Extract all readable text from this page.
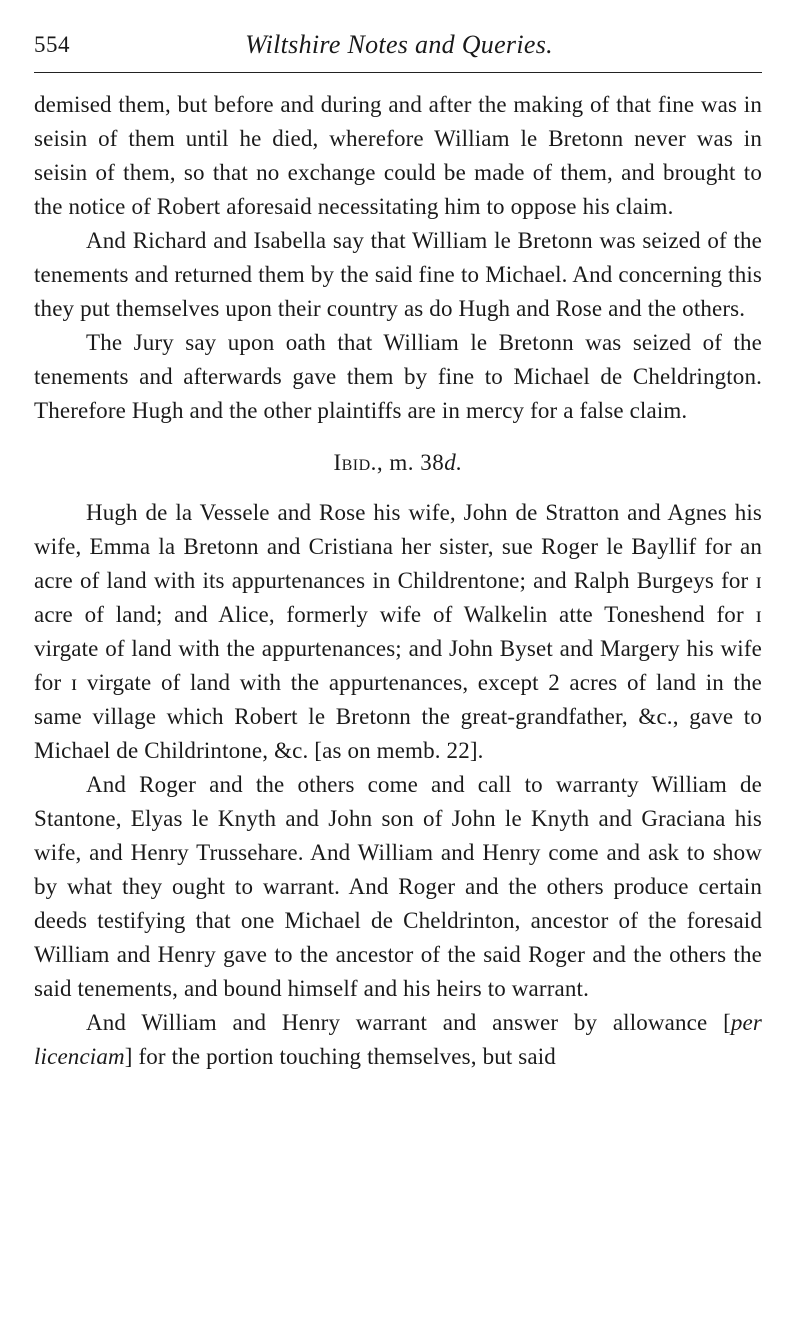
554	Wiltshire Notes and Queries.

demised them, but before and during and after the making of that fine was in seisin of them until he died, wherefore William le Bretonn never was in seisin of them, so that no exchange could be made of them, and brought to the notice of Robert aforesaid necessitating him to oppose his claim.

And Richard and Isabella say that William le Bretonn was seized of the tenements and returned them by the said fine to Michael. And concerning this they put themselves upon their country as do Hugh and Rose and the others.

The Jury say upon oath that William le Bretonn was seized of the tenements and afterwards gave them by fine to Michael de Cheldrington. Therefore Hugh and the other plaintiffs are in mercy for a false claim.

Ibid., m. 38d.

Hugh de la Vessele and Rose his wife, John de Stratton and Agnes his wife, Emma la Bretonn and Cristiana her sister, sue Roger le Bayllif for an acre of land with its appurtenances in Childrentone; and Ralph Burgeys for ɪ acre of land; and Alice, formerly wife of Walkelin atte Toneshend for ɪ virgate of land with the appurtenances; and John Byset and Margery his wife for ɪ virgate of land with the appurtenances, except 2 acres of land in the same village which Robert le Bretonn the great-grandfather, &c., gave to Michael de Childrintone, &c. [as on memb. 22].

And Roger and the others come and call to warranty William de Stantone, Elyas le Knyth and John son of John le Knyth and Graciana his wife, and Henry Trussehare. And William and Henry come and ask to show by what they ought to warrant. And Roger and the others produce certain deeds testifying that one Michael de Cheldrinton, ancestor of the foresaid William and Henry gave to the ancestor of the said Roger and the others the said tenements, and bound himself and his heirs to warrant.

And William and Henry warrant and answer by allowance [per licenciam] for the portion touching themselves, but said
